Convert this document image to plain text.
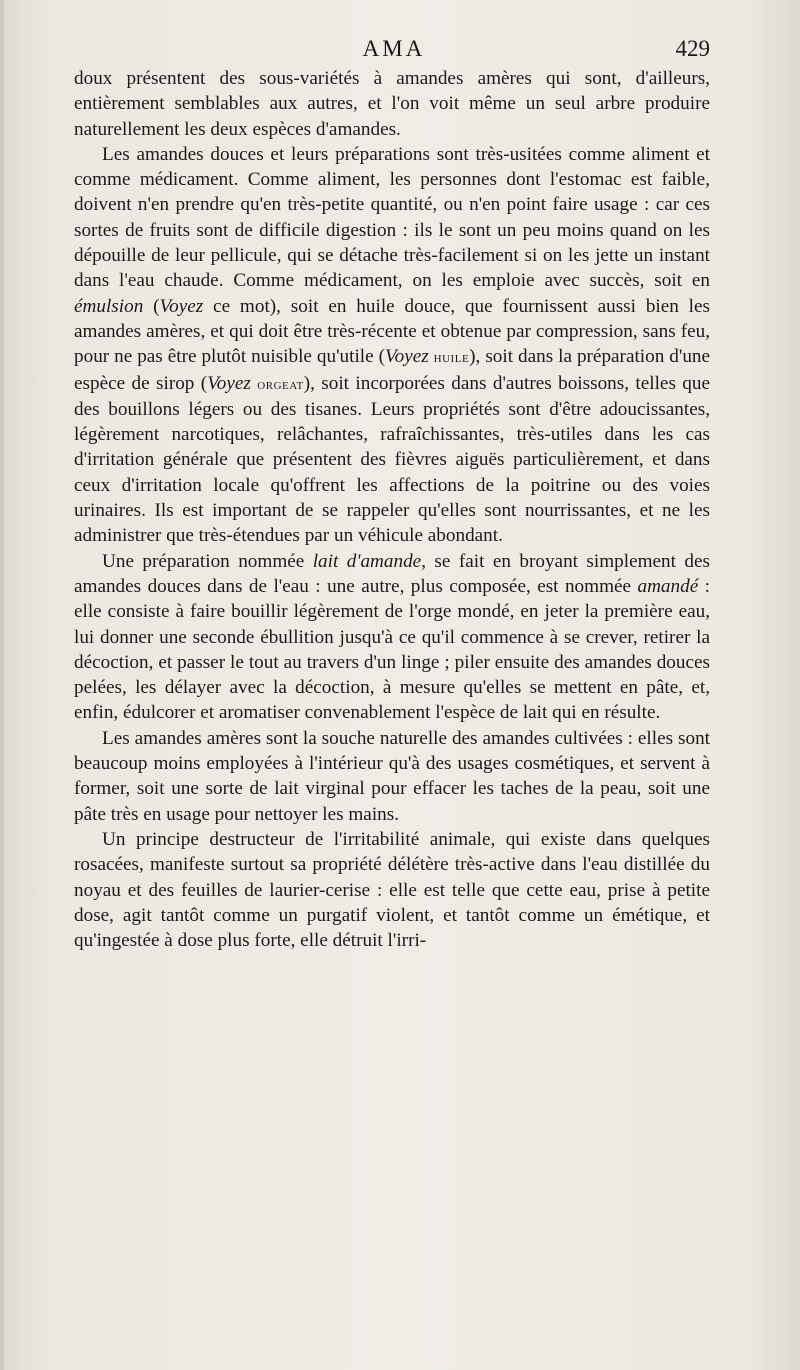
AMA	429

doux présentent des sous-variétés à amandes amères qui sont, d'ailleurs, entièrement semblables aux autres, et l'on voit même un seul arbre produire naturellement les deux espèces d'amandes.

Les amandes douces et leurs préparations sont très-usitées comme aliment et comme médicament. Comme aliment, les personnes dont l'estomac est faible, doivent n'en prendre qu'en très-petite quantité, ou n'en point faire usage : car ces sortes de fruits sont de difficile digestion : ils le sont un peu moins quand on les dépouille de leur pellicule, qui se détache très-facilement si on les jette un instant dans l'eau chaude. Comme médicament, on les emploie avec succès, soit en émulsion (Voyez ce mot), soit en huile douce, que fournissent aussi bien les amandes amères, et qui doit être très-récente et obtenue par compression, sans feu, pour ne pas être plutôt nuisible qu'utile (Voyez huile), soit dans la préparation d'une espèce de sirop (Voyez orgeat), soit incorporées dans d'autres boissons, telles que des bouillons légers ou des tisanes. Leurs propriétés sont d'être adoucissantes, légèrement narcotiques, relâchantes, rafraîchissantes, très-utiles dans les cas d'irritation générale que présentent des fièvres aiguës particulièrement, et dans ceux d'irritation locale qu'offrent les affections de la poitrine ou des voies urinaires. Ils est important de se rappeler qu'elles sont nourrissantes, et ne les administrer que très-étendues par un véhicule abondant.

Une préparation nommée lait d'amande, se fait en broyant simplement des amandes douces dans de l'eau : une autre, plus composée, est nommée amandé : elle consiste à faire bouillir légèrement de l'orge mondé, en jeter la première eau, lui donner une seconde ébullition jusqu'à ce qu'il commence à se crever, retirer la décoction, et passer le tout au travers d'un linge ; piler ensuite des amandes douces pelées, les délayer avec la décoction, à mesure qu'elles se mettent en pâte, et, enfin, édulcorer et aromatiser convenablement l'espèce de lait qui en résulte.

Les amandes amères sont la souche naturelle des amandes cultivées : elles sont beaucoup moins employées à l'intérieur qu'à des usages cosmétiques, et servent à former, soit une sorte de lait virginal pour effacer les taches de la peau, soit une pâte très en usage pour nettoyer les mains.

Un principe destructeur de l'irritabilité animale, qui existe dans quelques rosacées, manifeste surtout sa propriété délétère très-active dans l'eau distillée du noyau et des feuilles de laurier-cerise : elle est telle que cette eau, prise à petite dose, agit tantôt comme un purgatif violent, et tantôt comme un émétique, et qu'ingestée à dose plus forte, elle détruit l'irri-
